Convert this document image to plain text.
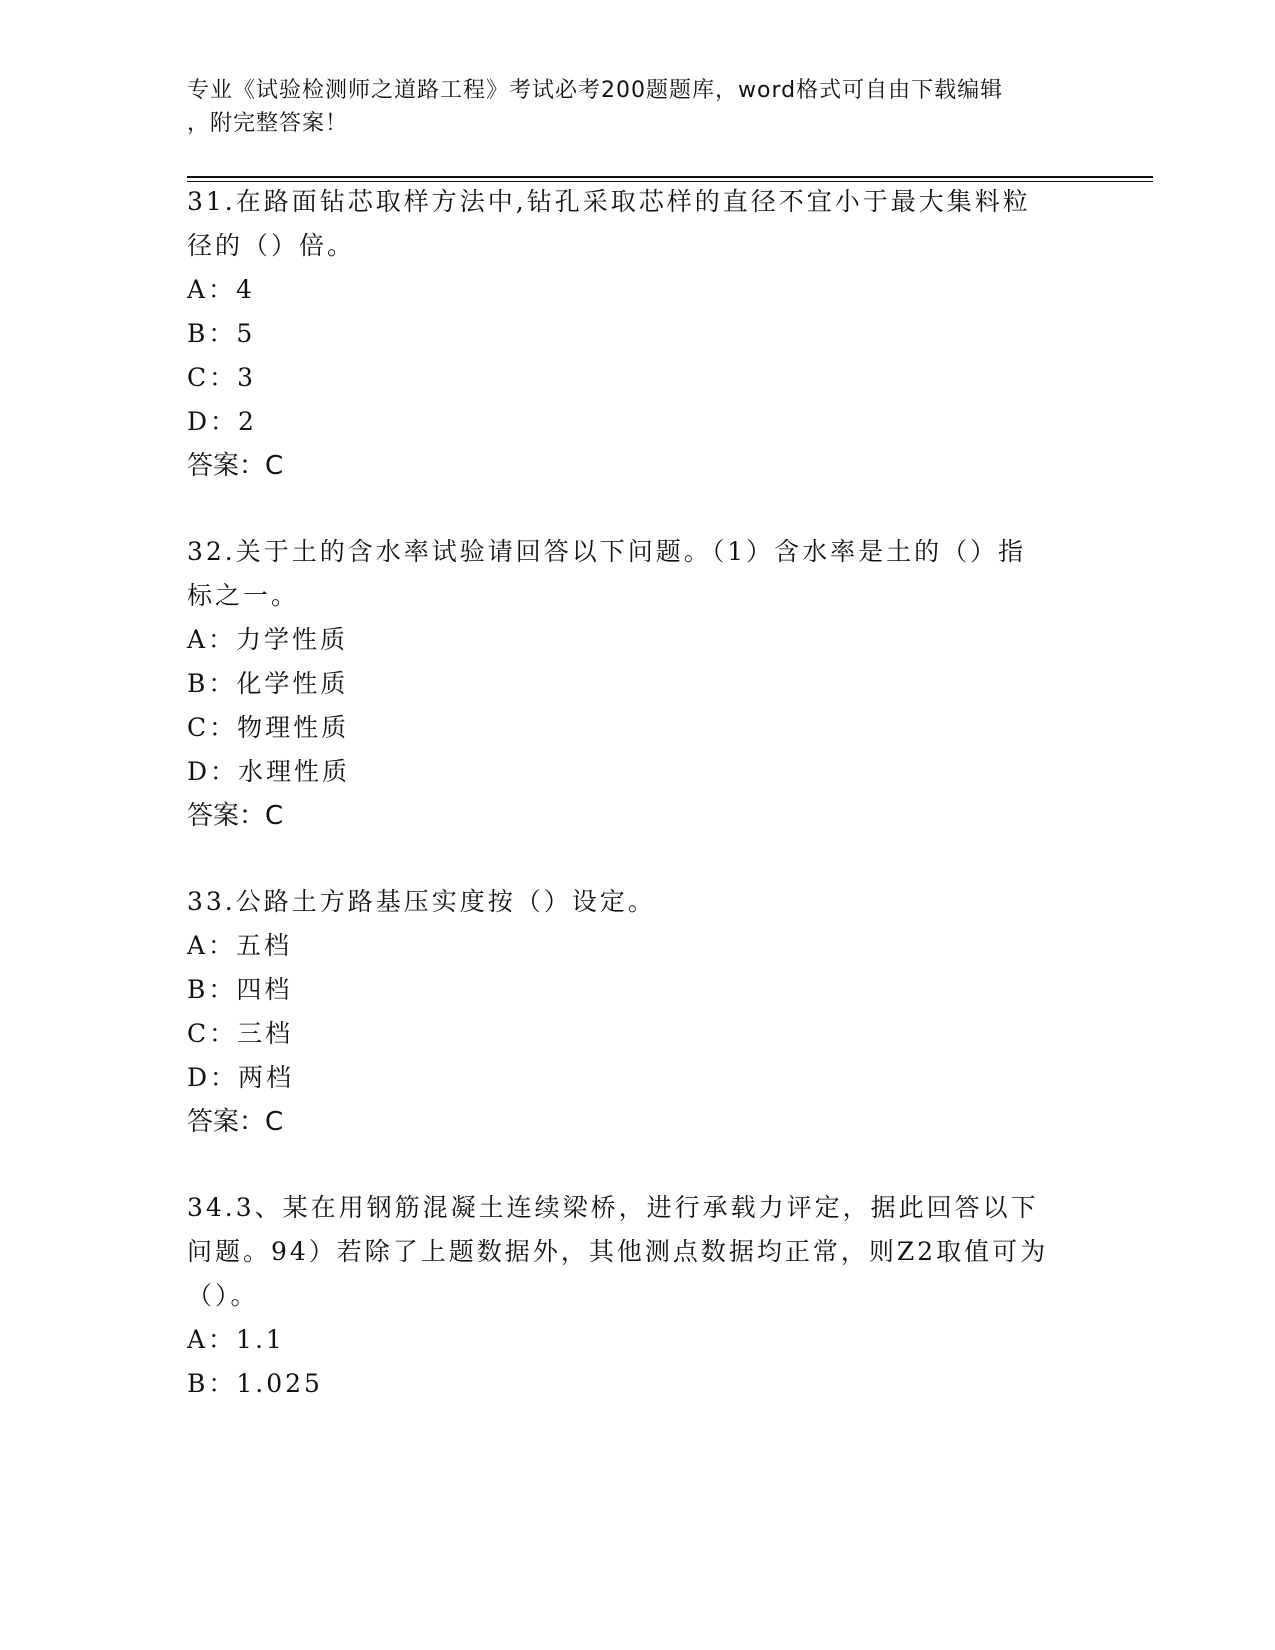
专业《试验检测师之道路工程》考试必考200题题库，word格式可自由下载编辑
，附完整答案！
31.在路面钻芯取样方法中,钻孔采取芯样的直径不宜小于最大集料粒
径的（）倍。
A：4
B：5
C：3
D：2
答案：C
32.关于土的含水率试验请回答以下问题。（1）含水率是土的（）指
标之一。
A：力学性质
B：化学性质
C：物理性质
D：水理性质
答案：C
33.公路土方路基压实度按（）设定。
A：五档
B：四档
C：三档
D：两档
答案：C
34.3、某在用钢筋混凝土连续梁桥，进行承载力评定，据此回答以下
问题。94）若除了上题数据外，其他测点数据均正常，则Z2取值可为
（）。
A：1.1
B：1.025
